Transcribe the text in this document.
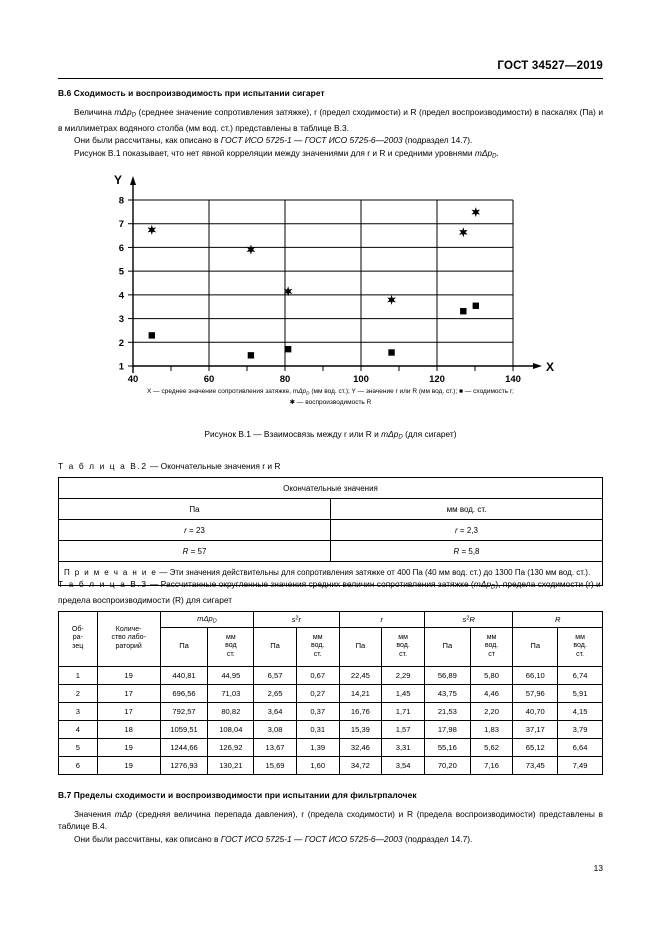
ГОСТ 34527—2019
В.6 Сходимость и воспроизводимость при испытании сигарет

Величина mΔp$_D$ (среднее значение сопротивления затяжке), r (предел сходимости) и R (предел воспроизводимости) в паскалях (Па) и в миллиметрах водяного столба (мм вод. ст.) представлены в таблице В.3.

Они были рассчитаны, как описано в ГОСТ ИСО 5725-1 — ГОСТ ИСО 5725-6—2003 (подраздел 14.7).

Рисунок В.1 показывает, что нет явной корреляции между значениями для r и R и средними уровнями mΔp$_D$.

1
2
3
4
5
6
7
8
40	60	80	100	120	140
Y
X
X — среднее значение сопротивления затяжке, mΔp$_D$ (мм вод. ст.); Y — значение r или R (мм вод. ст.); ■ — сходимость r;
✱ — воспроизводимость R
Рисунок В.1 — Взаимосвязь между r или R и mΔp$_D$ (для сигарет)
Т а б л и ц а В.2 — Окончательные значения r и R
Окончательные значения	
Па	мм вод. ст.
r = 23	r = 2,3
R = 57	R = 5,8
П р и м е ч а н и е — Эти значения действительны для сопротивления затяжке от 400 Па (40 мм вод. ст.) до 1300 Па (130 мм вод. ст.).	
Т а б л и ц а В.3 — Рассчитанные округленные значения средних величин сопротивления затяжке (mΔp$_D$), предела сходимости (r) и предела воспроизводимости (R) для сигарет
Об-
ра-
зец	Количе-
ство лабо-
раторий	mΔp$_D$		$s^2r$		r		$s^2R$		R	
		Па	мм
вод
ст.	Па	мм
вод.
ст.	Па	мм
вод.
ст.	Па	мм
вод.
ст	Па	мм
вод.
ст.
1	19	440,81	44,95	6,57	0,67	22,45	2,29	56,89	5,80	66,10	6,74
2	17	696,56	71,03	2,65	0,27	14,21	1,45	43,75	4,46	57,96	5,91
3	17	792,57	80,82	3,64	0,37	16,76	1,71	21,53	2,20	40,70	4,15
4	18	1059,51	108,04	3,08	0,31	15,39	1,57	17,98	1,83	37,17	3,79
5	19	1244,66	126,92	13,67	1,39	32,46	3,31	55,16	5,62	65,12	6,64
6	19	1276,93	130,21	15,69	1,60	34,72	3,54	70,20	7,16	73,45	7,49
В.7 Пределы сходимости и воспроизводимости при испытании для фильтрпалочек

Значения mΔp (средняя величина перепада давления), r (предела сходимости) и R (предела воспроизводимости) представлены в таблице В.4.

Они были рассчитаны, как описано в ГОСТ ИСО 5725-1 — ГОСТ ИСО 5725-6—2003 (подраздел 14.7).

13
